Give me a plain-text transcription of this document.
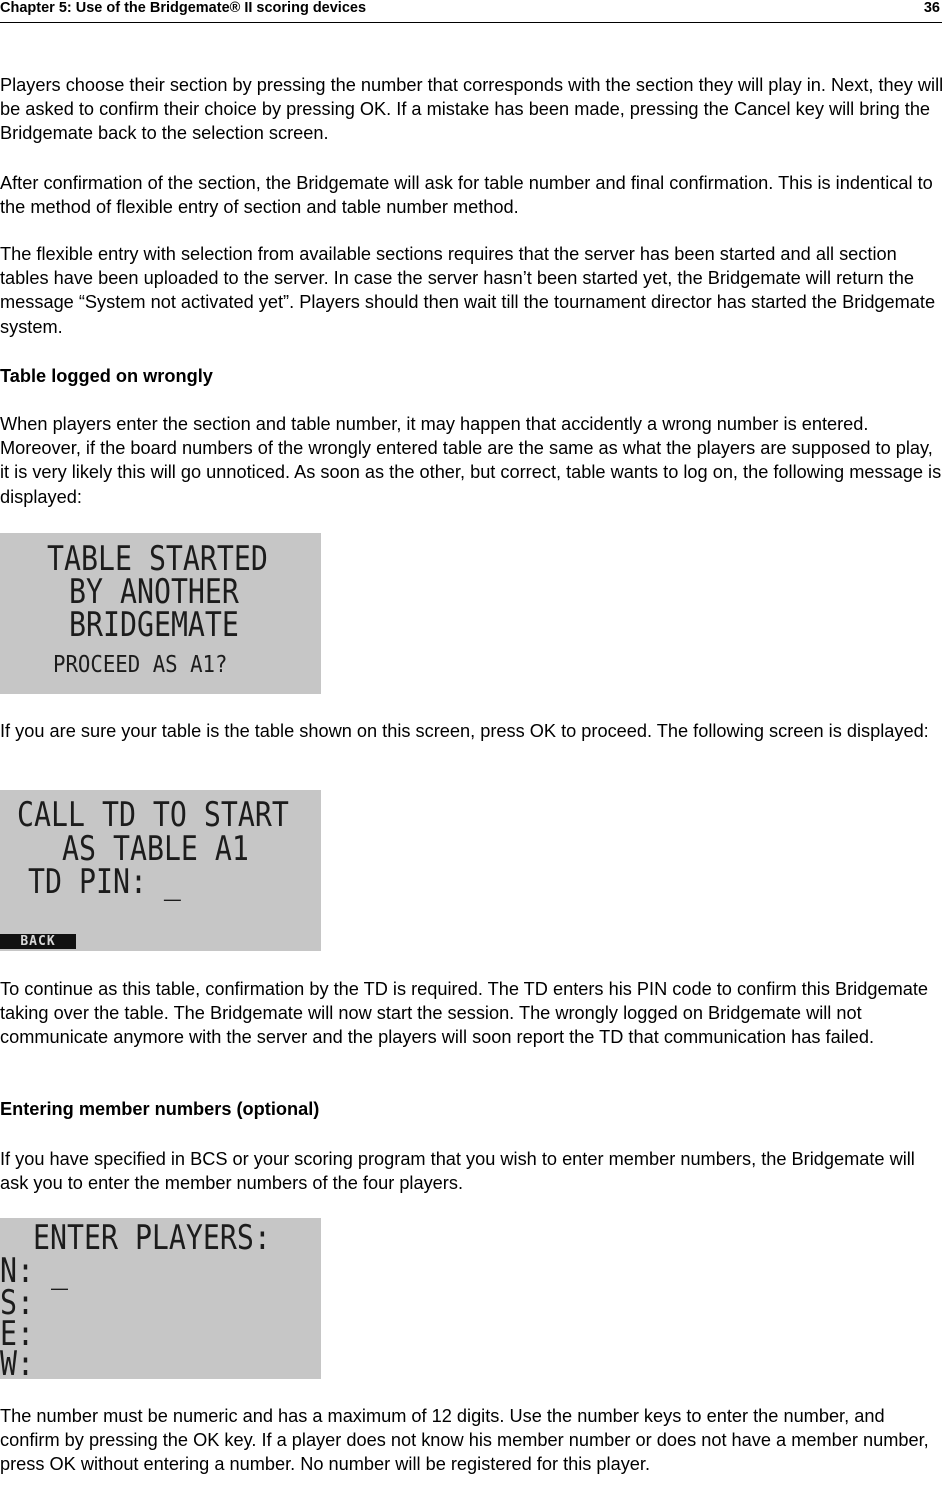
Chapter 5: Use of the Bridgemate® II scoring devices	36

Players choose their section by pressing the number that corresponds with the section they will play in. Next, they will be asked to confirm their choice by pressing OK. If a mistake has been made, pressing the Cancel key will bring the Bridgemate back to the selection screen.

After confirmation of the section, the Bridgemate will ask for table number and final confirmation. This is indentical to the method of flexible entry of section and table number method.

The flexible entry with selection from available sections requires that the server has been started and all section tables have been uploaded to the server. In case the server hasn’t been started yet, the Bridgemate will return the message “System not activated yet”. Players should then wait till the tournament director has started the Bridgemate system.

Table logged on wrongly

When players enter the section and table number, it may happen that accidently a wrong number is entered. Moreover, if the board numbers of the wrongly entered table are the same as what the players are supposed to play, it is very likely this will go unnoticed. As soon as the other, but correct, table wants to log on, the following message is displayed:

TABLE STARTED
BY ANOTHER
BRIDGEMATE
PROCEED AS A1?

If you are sure your table is the table shown on this screen, press OK to proceed. The following screen is displayed:

CALL TD TO START
AS TABLE A1
TD PIN: _
BACK

To continue as this table, confirmation by the TD is required. The TD enters his PIN code to confirm this Bridgemate taking over the table. The Bridgemate will now start the session. The wrongly logged on Bridgemate will not communicate anymore with the server and the players will soon report the TD that communication has failed.

Entering member numbers (optional)

If you have specified in BCS or your scoring program that you wish to enter member numbers, the Bridgemate will ask you to enter the member numbers of the four players.

ENTER PLAYERS:
N: _
S:
E:
W:

The number must be numeric and has a maximum of 12 digits. Use the number keys to enter the number, and confirm by pressing the OK key. If a player does not know his member number or does not have a member number, press OK without entering a number. No number will be registered for this player.
